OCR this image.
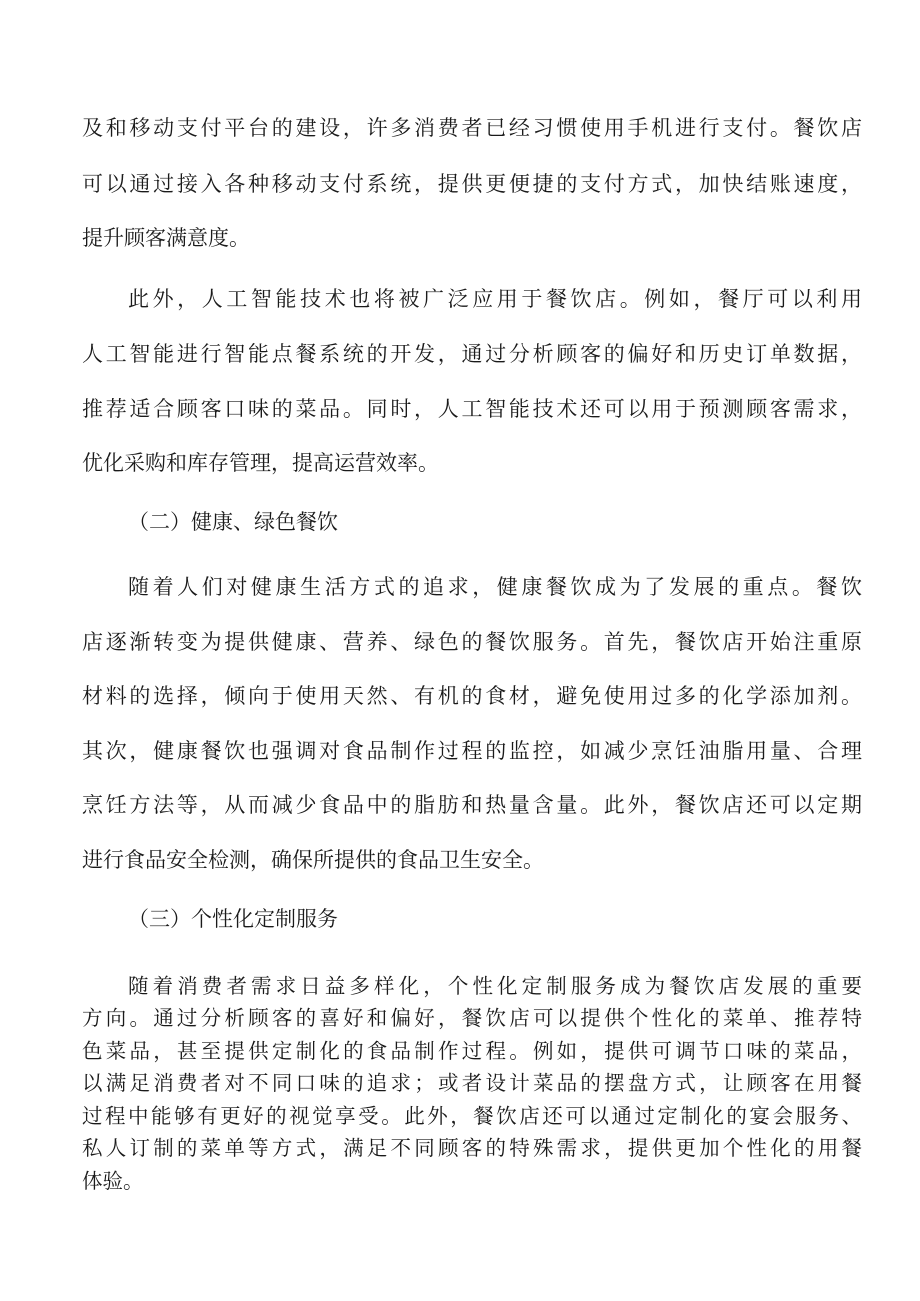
及和移动支付平台的建设，许多消费者已经习惯使用手机进行支付。餐饮店
可以通过接入各种移动支付系统，提供更便捷的支付方式，加快结账速度，
提升顾客满意度。
此外，人工智能技术也将被广泛应用于餐饮店。例如，餐厅可以利用
人工智能进行智能点餐系统的开发，通过分析顾客的偏好和历史订单数据，
推荐适合顾客口味的菜品。同时，人工智能技术还可以用于预测顾客需求，
优化采购和库存管理，提高运营效率。
（二）健康、绿色餐饮
随着人们对健康生活方式的追求，健康餐饮成为了发展的重点。餐饮
店逐渐转变为提供健康、营养、绿色的餐饮服务。首先，餐饮店开始注重原
材料的选择，倾向于使用天然、有机的食材，避免使用过多的化学添加剂。
其次，健康餐饮也强调对食品制作过程的监控，如减少烹饪油脂用量、合理
烹饪方法等，从而减少食品中的脂肪和热量含量。此外，餐饮店还可以定期
进行食品安全检测，确保所提供的食品卫生安全。
（三）个性化定制服务
随着消费者需求日益多样化，个性化定制服务成为餐饮店发展的重要
方向。通过分析顾客的喜好和偏好，餐饮店可以提供个性化的菜单、推荐特
色菜品，甚至提供定制化的食品制作过程。例如，提供可调节口味的菜品，
以满足消费者对不同口味的追求；或者设计菜品的摆盘方式，让顾客在用餐
过程中能够有更好的视觉享受。此外，餐饮店还可以通过定制化的宴会服务、
私人订制的菜单等方式，满足不同顾客的特殊需求，提供更加个性化的用餐
体验。
